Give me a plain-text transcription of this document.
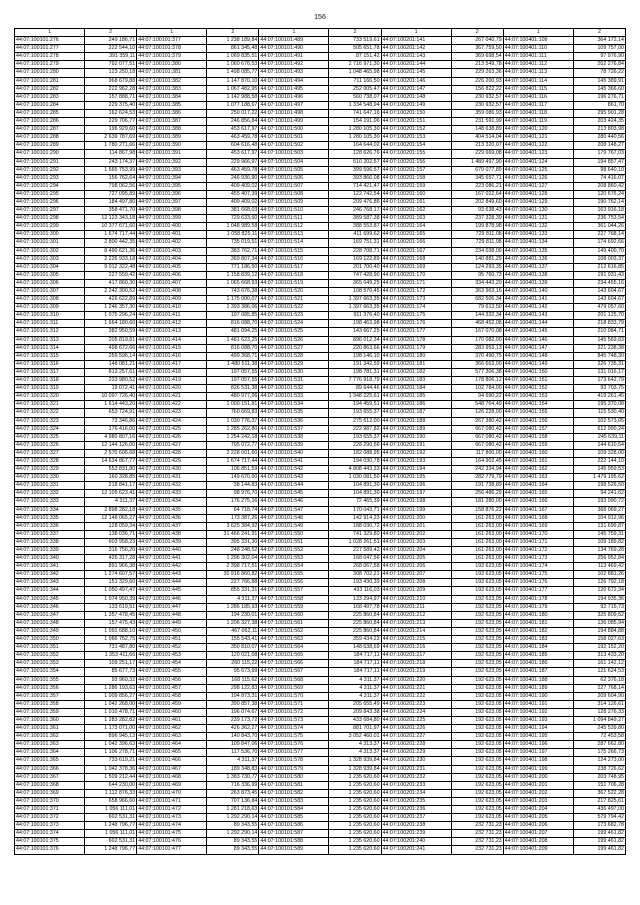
156
1	2	1	2	1	2	1	2	1	2
44:07:100101:276	249 186,71	44:07:100101:377	1 238 189,84	44:07:100101:489	733 519,61	44:07:100201:141	267 040,79	44:07:100401:109	364 172,14
44:07:100101:277	222 544,10	44:07:100101:378	861 345,48	44:07:100101:490	505 651,78	44:07:100201:142	367 759,50	44:07:100401:110	109 757,00
44:07:100101:278	391 359,11	44:07:100101:379	1 069 835,51	44:07:100101:491	87 151,42	44:07:100201:143	369 698,54	44:07:100401:111	97 976,90
44:07:100101:279	792 077,51	44:07:100101:380	1 060 676,53	44:07:100101:492	2 716 971,30	44:07:100201:144	213 549,78	44:07:100401:112	202 276,84
44:07:100101:280	123 250,18	44:07:100101:381	1 498 085,77	44:07:100101:493	1 048 465,98	44:07:100201:145	229 263,36	44:07:100401:113	78 726,22
44:07:100101:281	968 679,88	44:07:100101:382	1 147 870,10	44:07:100101:494	711 166,50	44:07:100201:146	226 200,93	44:07:100401:114	145 389,91
44:07:100101:282	222 962,28	44:07:100101:383	1 067 482,95	44:07:100101:495	252 005,47	44:07:100201:147	156 822,22	44:07:100401:115	145 366,60
44:07:100101:283	157 888,71	44:07:100101:384	1 142 988,58	44:07:100101:496	560 738,07	44:07:100201:148	230 932,57	44:07:100401:116	196 276,71
44:07:100101:284	229 375,40	44:07:100101:385	1 077 188,67	44:07:100101:497	1 334 548,94	44:07:100201:149	230 932,57	44:07:100401:117	861,70
44:07:100101:285	162 624,53	44:07:100101:386	250 017,22	44:07:100101:498	741 647,16	44:07:100201:150	359 086,93	44:07:100401:118	295 901,28
44:07:100101:286	229 706,77	44:07:100101:387	246 856,84	44:07:100101:499	154 191,06	44:07:100201:151	231 591,99	44:07:100401:119	203 424,35
44:07:100101:287	196 929,60	44:07:100101:388	453 617,97	44:07:100101:500	1 280 105,30	44:07:100201:152	148 638,89	44:07:100401:120	213 803,98
44:07:100101:288	2 639 787,69	44:07:100101:389	463 459,78	44:07:100101:501	1 280 105,30	44:07:100201:153	404 514,04	44:07:100401:121	280 440,56
44:07:100101:289	1 780 271,66	44:07:100101:390	604 616,48	44:07:100101:502	164 644,02	44:07:100201:154	213 320,07	44:07:100401:122	208 148,27
44:07:100101:290	114 867,98	44:07:100101:391	453 617,97	44:07:100101:503	128 626,76	44:07:100201:155	229 669,08	44:07:100401:123	179 767,03
44:07:100101:291	243 174,37	44:07:100101:392	229 966,97	44:07:100101:504	510 202,57	44:07:100201:156	1 489 497,90	44:07:100401:124	194 857,47
44:07:100101:292	1 665 753,99	44:07:100101:393	463 459,78	44:07:100101:505	399 596,57	44:07:100201:157	670 077,89	44:07:100401:125	98 640,10
44:07:100101:293	156 762,64	44:07:100101:394	246 936,90	44:07:100101:506	393 866,08	44:07:100201:158	345 657,71	44:07:100401:126	74 416,07
44:07:100101:294	798 062,56	44:07:100101:395	409 409,02	44:07:100101:507	714 421,47	44:07:100201:159	223 086,21	44:07:100401:127	208 860,42
44:07:100101:295	727 095,89	44:07:100101:396	455 407,39	44:07:100101:508	122 742,54	44:07:100201:160	167 022,64	44:07:100401:128	120 676,24
44:07:100101:296	184 497,80	44:07:100101:397	409 409,02	44:07:100101:509	209 476,86	44:07:100201:161	202 849,60	44:07:100401:129	190 762,14
44:07:100101:297	358 471,70	44:07:100101:398	381 668,03	44:07:100101:510	246 768,17	44:07:100201:162	93 638,43	44:07:100401:130	163 916,18
44:07:100101:298	12 123 343,18	44:07:100101:399	729 633,60	44:07:100101:511	389 587,38	44:07:100201:163	237 328,39	44:07:100401:131	236 753,54
44:07:100101:299	10 377 671,60	44:07:100101:400	1 048 989,58	44:07:100101:512	388 553,87	44:07:100201:164	199 878,98	44:07:100401:132	361 044,26
44:07:100101:300	1 674 717,44	44:07:100101:401	1 058 825,11	44:07:100101:513	411 699,62	44:07:100201:165	729 811,08	44:07:100401:133	227 768,14
44:07:100101:301	2 800 442,35	44:07:100101:402	735 019,51	44:07:100101:514	169 751,31	44:07:100201:166	729 811,08	44:07:100401:134	174 692,66
44:07:100101:302	8 490 621,36	44:07:100101:403	383 762,71	44:07:100101:515	228 708,71	44:07:100201:167	234 038,09	44:07:100401:135	149 400,70
44:07:100101:303	2 226 933,18	44:07:100101:404	369 807,34	44:07:100101:516	169 122,89	44:07:100201:168	140 881,29	44:07:100401:136	108 003,37
44:07:100101:304	9 012 322,48	44:07:100101:405	771 186,50	44:07:100101:517	201 700,40	44:07:100201:169	124 293,35	44:07:100401:137	212 616,85
44:07:100101:305	227 559,42	44:07:100101:406	1 158 839,12	44:07:100101:518	747 428,90	44:07:100201:170	95 760,73	44:07:100401:138	191 931,43
44:07:100101:306	417 860,30	44:07:100101:407	1 065 668,93	44:07:100101:519	365 049,25	44:07:100201:171	334 443,20	44:07:100401:139	234 455,16
44:07:100101:307	2 242 300,52	44:07:100101:408	743 676,38	44:07:100101:520	108 570,45	44:07:100201:172	363 963,16	44:07:100401:140	143 604,67
44:07:100101:308	426 622,89	44:07:100101:409	1 175 000,07	44:07:100101:521	1 397 663,35	44:07:100201:173	682 506,34	44:07:100401:141	143 604,67
44:07:100101:309	1 246 357,30	44:07:100101:410	1 393 386,06	44:07:100101:522	1 397 663,35	44:07:100201:174	79 613,50	44:07:100401:142	479 057,60
44:07:100101:310	1 075 296,24	44:07:100101:411	197 085,85	44:07:100101:523	911 376,40	44:07:100201:175	144 332,34	44:07:100401:143	201 125,70
44:07:100101:311	1 664 180,60	44:07:100101:412	816 088,70	44:07:100101:524	198 463,98	44:07:100201:176	468 452,08	44:07:100401:144	218 833,79
44:07:100101:312	382 950,59	44:07:100101:413	481 094,25	44:07:100101:525	143 667,25	44:07:100201:177	167 070,08	44:07:100401:145	210 084,71
44:07:100101:313	205 819,81	44:07:100101:414	1 481 623,25	44:07:100101:526	896 012,34	44:07:100201:178	170 082,00	44:07:100401:146	145 569,83
44:07:100101:314	498 672,66	44:07:100101:415	816 088,70	44:07:100101:527	220 863,66	44:07:100201:179	283 953,13	44:07:100401:147	221 238,38
44:07:100101:315	259 596,14	44:07:100101:416	499 368,71	44:07:100101:528	198 146,10	44:07:100201:180	370 490,75	44:07:100401:148	845 748,30
44:07:100101:316	148 081,21	44:07:100101:417	1 480 511,38	44:07:100101:529	191 342,59	44:07:100201:181	366 663,00	44:07:100401:149	226 735,31
44:07:100101:317	813 257,61	44:07:100101:418	197 057,55	44:07:100101:530	198 781,31	44:07:100201:182	577 306,38	44:07:100401:150	131 016,17
44:07:100101:318	233 980,52	44:07:100101:419	197 057,55	44:07:100101:531	7 776 918,79	44:07:100201:183	178 806,12	44:07:100401:151	173 642,79
44:07:100101:319	19 072,41	44:07:100101:420	826 531,38	44:07:100101:532	89 644,46	44:07:100201:184	102 784,00	44:07:100401:152	93 703,75
44:07:100101:320	10 097 726,40	44:07:100101:421	480 977,06	44:07:100101:533	1 348 225,61	44:07:100201:185	94 690,22	44:07:100401:153	419 261,45
44:07:100101:321	1 614 443,20	44:07:100101:422	1 000 151,81	44:07:100101:534	194 459,51	44:07:100201:186	548 764,49	44:07:100401:154	195 370,08
44:07:100101:322	653 724,91	44:07:100101:423	760 669,83	44:07:100101:535	193 655,37	44:07:100201:187	126 228,00	44:07:100401:155	115 530,40
44:07:100101:323	73 346,86	44:07:100101:424	1 030 776,37	44:07:100101:536	275 612,00	44:07:100201:188	267 380,42	44:07:100401:156	102 573,05
44:07:100101:324	176 416,00	44:07:100101:425	1 285 262,80	44:07:100101:537	222 987,82	44:07:100201:189	667 080,42	44:07:100401:157	612 990,24
44:07:100101:325	4 980 807,16	44:07:100101:426	1 254 242,18	44:07:100101:538	193 655,37	44:07:100201:190	667 080,42	44:07:100401:158	245 639,11
44:07:100101:326	12 144 126,00	44:07:100101:427	705 072,77	44:07:100101:539	228 290,56	44:07:100201:191	667 080,42	44:07:100401:159	144 610,54
44:07:100101:327	2 570 606,68	44:07:100101:428	2 228 001,60	44:07:100101:540	182 088,95	44:07:100201:192	117 800,00	44:07:100401:160	109 328,00
44:07:100101:328	14 634 867,77	44:07:100101:429	1 674 717,44	44:07:100101:541	194 030,78	44:07:100201:193	164 902,45	44:07:100401:161	222 144,10
44:07:100101:329	553 831,80	44:07:100101:430	106 851,59	44:07:100101:542	4 808 443,33	44:07:100201:194	242 334,94	44:07:100401:162	145 959,53
44:07:100101:330	160 328,85	44:07:100101:431	149 670,00	44:07:100101:543	1 030 081,50	44:07:100201:195	282 779,79	44:07:100401:163	1 479 195,62
44:07:100101:331	218 841,17	44:07:100101:432	38 144,83	44:07:100101:544	104 891,30	44:07:100201:196	191 738,89	44:07:100401:164	198 526,50
44:07:100101:332	12 105 623,41	44:07:100101:433	98 976,70	44:07:100101:545	104 891,30	44:07:100201:197	256 486,29	44:07:100401:165	94 241,62
44:07:100101:333	4 311,37	44:07:100101:434	176 275,16	44:07:100101:546	72 465,39	44:07:100201:198	181 280,00	44:07:100401:166	193 090,72
44:07:100101:334	2 898 282,18	44:07:100101:435	64 718,74	44:07:100101:547	170 043,71	44:07:100201:199	158 876,22	44:07:100401:167	368 069,27
44:07:100101:335	12 148 065,27	44:07:100101:436	173 387,26	44:07:100101:548	142 914,23	44:07:100201:200	161 263,00	44:07:100401:168	104 912,96
44:07:100101:336	128 059,34	44:07:100101:437	3 625 384,92	44:07:100101:549	188 030,72	44:07:100201:201	161 263,00	44:07:100401:169	131 699,87
44:07:100101:337	138 036,71	44:07:100101:438	31 466 241,91	44:07:100101:550	741 329,80	44:07:100201:202	161 263,00	44:07:100401:170	145 759,31
44:07:100101:338	603 958,23	44:07:100101:439	395 331,30	44:07:100101:551	1 028 261,51	44:07:100201:203	161 263,00	44:07:100401:171	109 189,82
44:07:100101:339	316 756,20	44:07:100101:440	248 248,52	44:07:100101:552	227 589,42	44:07:100201:204	161 263,00	44:07:100401:172	134 769,28
44:07:100101:340	426 317,28	44:07:100101:441	1 296 302,04	44:07:100101:553	168 047,56	44:07:100201:205	161 263,00	44:07:100401:173	256 952,84
44:07:100101:341	891 966,38	44:07:100101:442	2 398 717,51	44:07:100101:554	268 067,58	44:07:100201:206	192 623,05	44:07:100401:174	113 469,42
44:07:100101:342	1 274 607,57	44:07:100101:443	30 916 860,82	44:07:100101:555	308 702,21	44:07:100201:207	192 623,05	44:07:100401:175	102 881,26
44:07:100101:343	151 329,60	44:07:100101:444	227 766,88	44:07:100101:556	193 430,39	44:07:100201:208	192 623,05	44:07:100401:176	126 792,18
44:07:100101:344	1 050 497,47	44:07:100101:445	855 331,31	44:07:100101:557	433 116,03	44:07:100201:209	192 623,05	44:07:100401:177	120 672,34
44:07:100101:345	1 074 950,39	44:07:100101:446	4 311,37	44:07:100101:558	133 294,97	44:07:100201:210	192 623,05	44:07:100401:178	194 935,36
44:07:100101:346	133 619,51	44:07:100101:447	1 286 185,93	44:07:100101:559	168 497,78	44:07:100201:211	192 623,05	44:07:100401:179	92 715,73
44:07:100101:347	1 357 478,45	44:07:100101:448	194 230,01	44:07:100101:560	225 860,84	44:07:100201:212	192 623,05	44:07:100401:180	325 809,52
44:07:100101:348	157 475,43	44:07:100101:449	1 206 327,38	44:07:100101:561	225 860,84	44:07:100201:213	192 623,05	44:07:100401:181	136 085,94
44:07:100101:349	1 091 688,10	44:07:100101:450	467 062,11	44:07:100101:562	225 860,84	44:07:100201:214	192 623,05	44:07:100401:182	194 884,88
44:07:100101:350	1 066 752,75	44:07:100101:451	155 543,41	44:07:100101:563	359 434,23	44:07:100201:215	192 623,05	44:07:100401:183	158 027,63
44:07:100101:351	731 487,80	44:07:100101:452	350 810,07	44:07:100101:564	148 638,69	44:07:100201:216	192 623,05	44:07:100401:184	192 152,20
44:07:100101:352	1 353 411,66	44:07:100101:453	120 021,08	44:07:100101:565	184 717,11	44:07:100201:217	192 623,05	44:07:100401:185	313 433,20
44:07:100101:353	109 251,17	44:07:100101:454	260 115,22	44:07:100101:566	184 717,11	44:07:100201:218	192 623,05	44:07:100401:186	161 142,12
44:07:100101:354	85 677,73	44:07:100101:455	95 673,99	44:07:100101:567	184 717,11	44:07:100201:219	192 623,05	44:07:100401:187	121 624,53
44:07:100101:355	93 960,32	44:07:100101:456	168 115,62	44:07:100101:568	4 311,37	44:07:100201:220	192 623,05	44:07:100401:188	62 376,18
44:07:100101:356	1 286 193,63	44:07:100101:457	298 122,83	44:07:100101:569	4 311,37	44:07:100201:221	192 623,05	44:07:100401:189	227 768,14
44:07:100101:357	1 009 856,27	44:07:100101:458	194 873,31	44:07:100101:570	4 311,37	44:07:100201:222	192 623,05	44:07:100401:190	209 604,90
44:07:100101:358	1 042 268,00	44:07:100101:459	390 857,38	44:07:100101:571	205 655,49	44:07:100201:223	192 623,05	44:07:100401:191	314 126,61
44:07:100101:359	1 010 478,71	44:07:100101:460	196 074,67	44:07:100101:572	209 843,38	44:07:100201:224	192 623,05	44:07:100401:192	128 276,33
44:07:100101:360	1 283 282,82	44:07:100101:461	239 173,72	44:07:100101:573	433 684,80	44:07:100201:225	192 623,05	44:07:100401:193	1 094 849,27
44:07:100101:361	1 173 071,00	44:07:100101:462	426 362,27	44:07:100101:574	881 701,97	44:07:100201:226	192 623,05	44:07:100401:194	245 539,80
44:07:100101:362	896 945,13	44:07:100101:463	140 843,70	44:07:100101:575	3 052 460,01	44:07:100201:227	192 623,05	44:07:100401:195	72 453,58
44:07:100101:363	1 042 396,63	44:07:100101:464	109 847,06	44:07:100101:576	4 313,37	44:07:100201:228	192 623,05	44:07:100401:196	287 662,80
44:07:100101:364	1 106 278,71	44:07:100101:465	117 536,70	44:07:100101:577	4 313,37	44:07:100201:229	192 623,05	44:07:100401:197	175 266,73
44:07:100101:365	733 619,21	44:07:100101:466	4 311,37	44:07:100101:578	1 328 939,84	44:07:100201:230	192 623,05	44:07:100401:198	124 273,00
44:07:100101:366	1 042 378,36	44:07:100101:467	189 348,83	44:07:100101:579	1 328 939,84	44:07:100201:231	192 623,05	44:07:100401:199	238 726,62
44:07:100101:367	1 509 212,44	44:07:100101:468	1 383 730,77	44:07:100101:580	1 235 620,60	44:07:100201:232	192 623,05	44:07:100401:200	203 748,95
44:07:100101:368	644 230,00	44:07:100101:469	716 336,99	44:07:100101:581	1 235 620,60	44:07:100201:233	192 623,05	44:07:100401:201	151 706,28
44:07:100101:369	1 112 876,33	44:07:100101:470	263 873,45	44:07:100101:582	1 235 620,60	44:07:100201:234	192 623,05	44:07:100401:202	367 522,28
44:07:100101:370	658 966,60	44:07:100101:471	707 136,84	44:07:100101:583	1 235 620,60	44:07:100201:235	192 623,05	44:07:100401:203	217 825,61
44:07:100101:371	1 056 111,01	44:07:100101:472	1 281 218,63	44:07:100101:584	1 235 620,60	44:07:100201:236	192 623,05	44:07:100401:204	436 497,00
44:07:100101:372	602 531,31	44:07:100101:473	1 292 290,14	44:07:100101:585	1 235 620,60	44:07:100201:237	192 623,05	44:07:100401:205	579 794,42
44:07:100101:373	1 248 796,77	44:07:100101:474	89 343,55	44:07:100101:586	1 235 620,60	44:07:100201:238	232 731,23	44:07:100401:206	173 682,78
44:07:100101:374	1 056 111,01	44:07:100101:475	1 292 290,14	44:07:100101:587	1 235 620,60	44:07:100201:239	232 731,23	44:07:100401:207	199 461,82
44:07:100101:375	602 531,31	44:07:100101:476	89 343,55	44:07:100101:588	1 235 620,60	44:07:100201:240	232 731,23	44:07:100401:208	199 461,82
44:07:100101:376	1 248 796,77	44:07:100101:477	89 343,55	44:07:100101:589	1 235 620,60	44:07:100201:241	232 731,23	44:07:100401:209	199 461,82
